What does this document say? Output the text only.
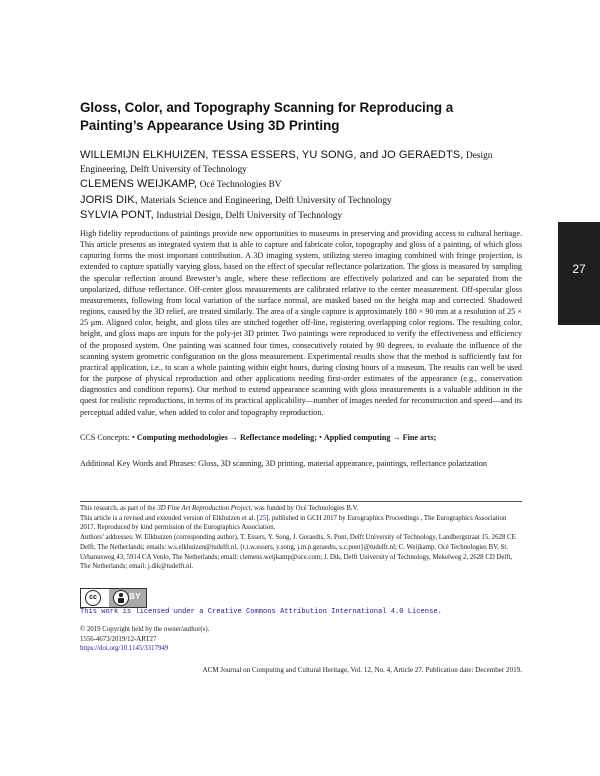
Gloss, Color, and Topography Scanning for Reproducing a Painting’s Appearance Using 3D Printing
WILLEMIJN ELKHUIZEN, TESSA ESSERS, YU SONG, and JO GERAEDTS, Design Engineering, Delft University of Technology
CLEMENS WEIJKAMP, Océ Technologies BV
JORIS DIK, Materials Science and Engineering, Delft University of Technology
SYLVIA PONT, Industrial Design, Delft University of Technology
27
High fidelity reproductions of paintings provide new opportunities to museums in preserving and providing access to cultural heritage. This article presents an integrated system that is able to capture and fabricate color, topography and gloss of a painting, of which gloss capturing forms the most important contribution. A 3D imaging system, utilizing stereo imaging combined with fringe projection, is extended to capture spatially varying gloss, based on the effect of specular reflectance polarization. The gloss is measured by sampling the specular reflection around Brewster’s angle, where these reflections are effectively polarized and can be separated from the unpolarized, diffuse reflectance. Off-center gloss measurements are calibrated relative to the center measurement. Off-specular gloss measurements, following from local variation of the surface normal, are masked based on the height map and corrected. Shadowed regions, caused by the 3D relief, are treated similarly. The area of a single capture is approximately 180 × 90 mm at a resolution of 25 × 25 μm. Aligned color, height, and gloss tiles are stitched together off-line, registering overlapping color regions. The resulting color, height, and gloss maps are inputs for the poly-jet 3D printer. Two paintings were reproduced to verify the effectiveness and efficiency of the proposed system. One painting was scanned four times, consecutively rotated by 90 degrees, to evaluate the influence of the scanning system geometric configuration on the gloss measurement. Experimental results show that the method is sufficiently fast for practical application, i.e., to scan a whole painting within eight hours, during closing hours of a museum. The results can well be used for the purpose of physical reproduction and other applications needing first-order estimates of the appearance (e.g., conservation diagnostics and condition reports). Our method to extend appearance scanning with gloss measurements is a valuable addition in the quest for realistic reproductions, in terms of its practical applicability—number of images needed for reconstruction and speed—and its perceptual added value, when added to color and topography reproduction.
CCS Concepts: • Computing methodologies → Reflectance modeling; • Applied computing → Fine arts;
Additional Key Words and Phrases: Gloss, 3D scanning, 3D printing, material appearance, paintings, reflectance polarization

This research, as part of the 3D Fine Art Reproduction Project, was funded by Océ Technologies B.V.

This article is a revised and extended version of Elkhuizen et al. [25], published in GCH 2017 by Eurographics Proceedings , The Eurographics Association 2017. Reproduced by kind permission of the Eurographics Association.

Authors’ addresses: W. Elkhuizen (corresponding author), T. Essers, Y. Song, J. Geraedts, S. Pont, Delft University of Technology, Landbergstraat 15, 2628 CE Delft, The Netherlands; emails: w.s.elkhuizen@tudelft.nl, {t.t.w.essers, y.song, j.m.p.geraedts, s.c.pont}@tudelft.nl; C. Weijkamp, Océ Technologies BV, St. Urbanusweg 43, 5914 CA Venlo, The Netherlands; email: clemens.weijkamp@oce.com; J. Dik, Delft University of Technology, Mekelweg 2, 2628 CD Delft, The Netherlands; email: j.dik@tudelft.nl.

cc	BY
This work is licensed under a Creative Commons Attribution International 4.0 License.

© 2019 Copyright held by the owner/author(s).

1556-4673/2019/12-ART27

https://doi.org/10.1145/3317949

ACM Journal on Computing and Cultural Heritage, Vol. 12, No. 4, Article 27. Publication date: December 2019.
